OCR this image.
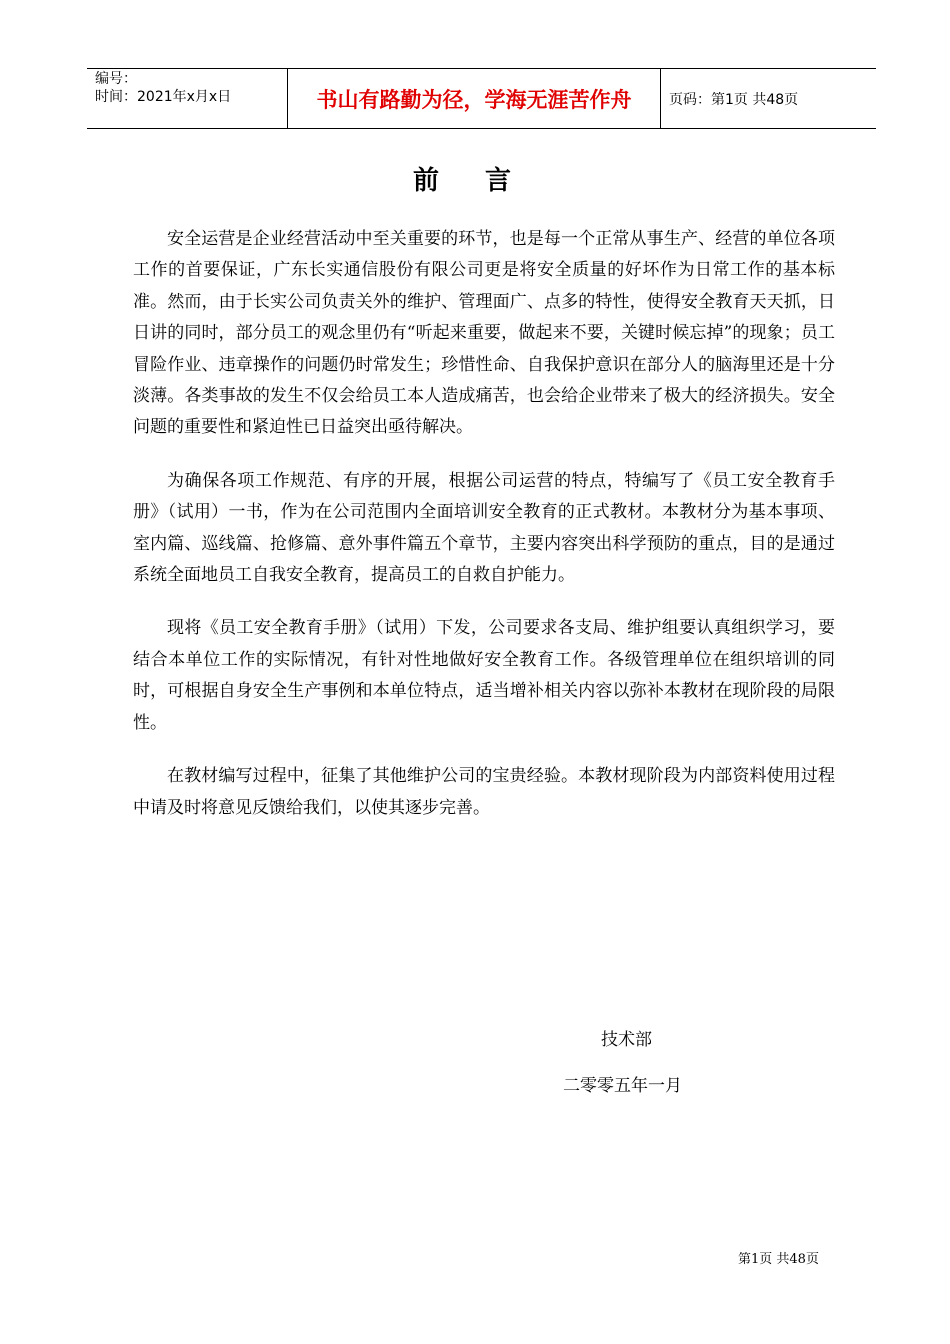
编号：
时间：2021年x月x日	书山有路勤为径，学海无涯苦作舟	页码：第1页 共48页
前言

安全运营是企业经营活动中至关重要的环节，也是每一个正常从事生产、经营的单位各项工作的首要保证，广东长实通信股份有限公司更是将安全质量的好坏作为日常工作的基本标准。然而，由于长实公司负责关外的维护、管理面广、点多的特性，使得安全教育天天抓，日日讲的同时，部分员工的观念里仍有“听起来重要，做起来不要，关键时候忘掉”的现象；员工冒险作业、违章操作的问题仍时常发生；珍惜性命、自我保护意识在部分人的脑海里还是十分淡薄。各类事故的发生不仅会给员工本人造成痛苦，也会给企业带来了极大的经济损失。安全问题的重要性和紧迫性已日益突出亟待解决。

为确保各项工作规范、有序的开展，根据公司运营的特点，特编写了《员工安全教育手册》（试用）一书，作为在公司范围内全面培训安全教育的正式教材。本教材分为基本事项、室内篇、巡线篇、抢修篇、意外事件篇五个章节，主要内容突出科学预防的重点，目的是通过系统全面地员工自我安全教育，提高员工的自救自护能力。

现将《员工安全教育手册》（试用）下发，公司要求各支局、维护组要认真组织学习，要结合本单位工作的实际情况，有针对性地做好安全教育工作。各级管理单位在组织培训的同时，可根据自身安全生产事例和本单位特点，适当增补相关内容以弥补本教材在现阶段的局限性。

在教材编写过程中，征集了其他维护公司的宝贵经验。本教材现阶段为内部资料使用过程中请及时将意见反馈给我们，以使其逐步完善。

技术部
二零零五年一月
第1页 共48页
